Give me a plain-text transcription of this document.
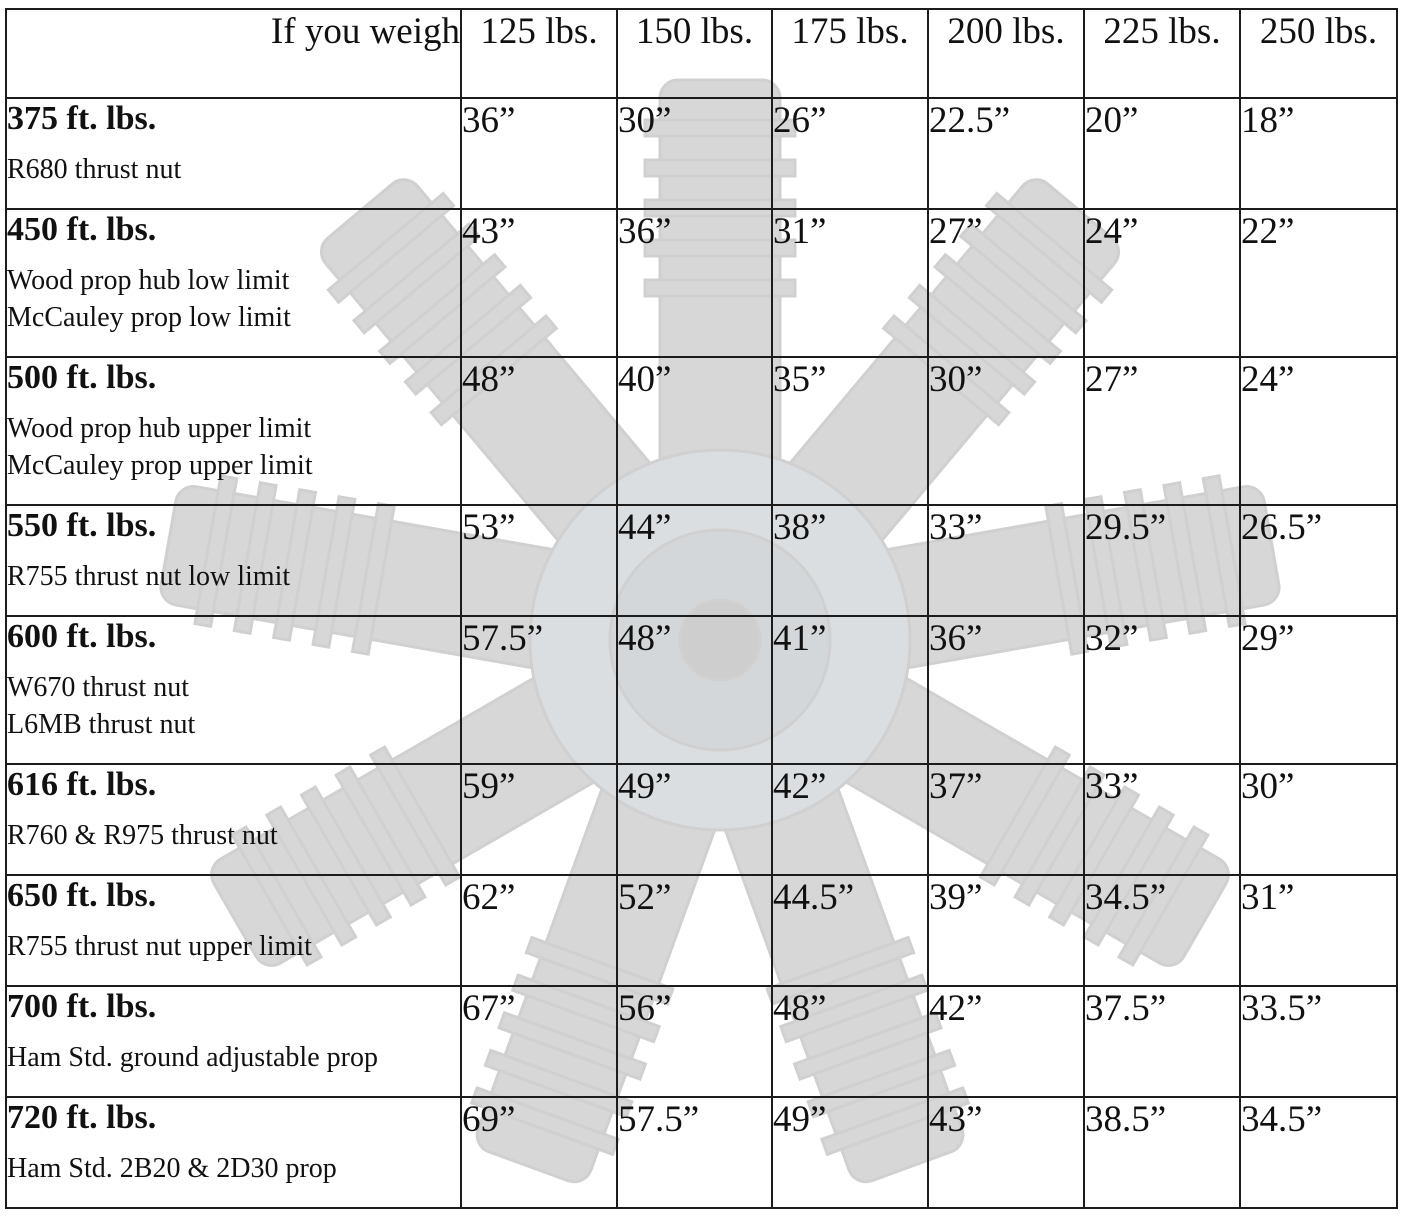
If you weigh	125 lbs.	150 lbs.	175 lbs.	200 lbs.	225 lbs.	250 lbs.

375 ft. lbs.
R680 thrust nut	36”	30”	26”	22.5”	20”	18”

450 ft. lbs.
Wood prop hub low limit
McCauley prop low limit	43”	36”	31”	27”	24”	22”

500 ft. lbs.
Wood prop hub upper limit
McCauley prop upper limit	48”	40”	35”	30”	27”	24”

550 ft. lbs.
R755 thrust nut low limit	53”	44”	38”	33”	29.5”	26.5”

600 ft. lbs.
W670 thrust nut
L6MB thrust nut	57.5”	48”	41”	36”	32”	29”

616 ft. lbs.
R760 & R975 thrust nut	59”	49”	42”	37”	33”	30”

650 ft. lbs.
R755 thrust nut upper limit	62”	52”	44.5”	39”	34.5”	31”

700 ft. lbs.
Ham Std. ground adjustable prop	67”	56”	48”	42”	37.5”	33.5”

720 ft. lbs.
Ham Std. 2B20 & 2D30 prop	69”	57.5”	49”	43”	38.5”	34.5”
